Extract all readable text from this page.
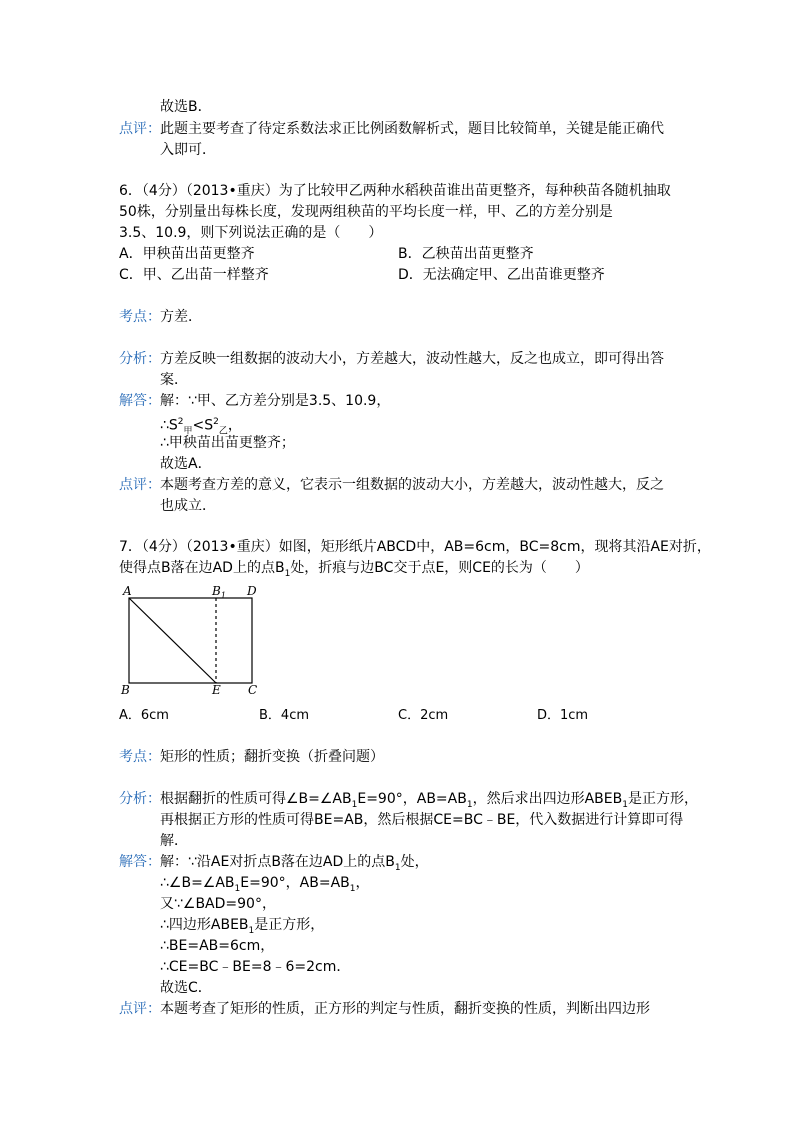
故选B．
点评： 此题主要考查了待定系数法求正比例函数解析式，题目比较简单，关键是能正确代
入即可．
6．（4分）（2013•重庆）为了比较甲乙两种水稻秧苗谁出苗更整齐，每种秧苗各随机抽取
50株，分别量出每株长度，发现两组秧苗的平均长度一样，甲、乙的方差分别是
3.5、10.9，则下列说法正确的是（　　）
A．甲秧苗出苗更整齐	B．乙秧苗出苗更整齐
C．甲、乙出苗一样整齐	D．无法确定甲、乙出苗谁更整齐
考点： 方差．
分析： 方差反映一组数据的波动大小，方差越大，波动性越大，反之也成立，即可得出答
案．
解答： 解：∵甲、乙方差分别是3.5、10.9，
$\therefore S^2_甲<S^2_乙$，
∴甲秧苗出苗更整齐；
故选A．
点评： 本题考查方差的意义，它表示一组数据的波动大小，方差越大，波动性越大，反之
也成立．
7．（4分）（2013•重庆）如图，矩形纸片ABCD中，AB=6cm，BC=8cm，现将其沿AE对折，
使得点B落在边AD上的点$B_1$处，折痕与边BC交于点E，则CE的长为（　　）
A	$B_1$ D
B	E C
A．6cm	B．4cm	C．2cm	D．1cm
考点： 矩形的性质；翻折变换（折叠问题）
分析： 根据翻折的性质可得$\angle B=\angle AB_1E=90^\circ$，$AB=AB_1$，然后求出四边形$ABEB_1$是正方形，
再根据正方形的性质可得BE=AB，然后根据CE=BC﹣BE，代入数据进行计算即可得
解．
解答： 解：∵沿AE对折点B落在边AD上的点$B_1$处，
$\therefore\angle B=\angle AB_1E=90^\circ$，$AB=AB_1$，
又∵∠BAD=90°，
∴四边形$ABEB_1$是正方形，
∴BE=AB=6cm，
∴CE=BC﹣BE=8﹣6=2cm．
故选C．
点评： 本题考查了矩形的性质，正方形的判定与性质，翻折变换的性质，判断出四边形
